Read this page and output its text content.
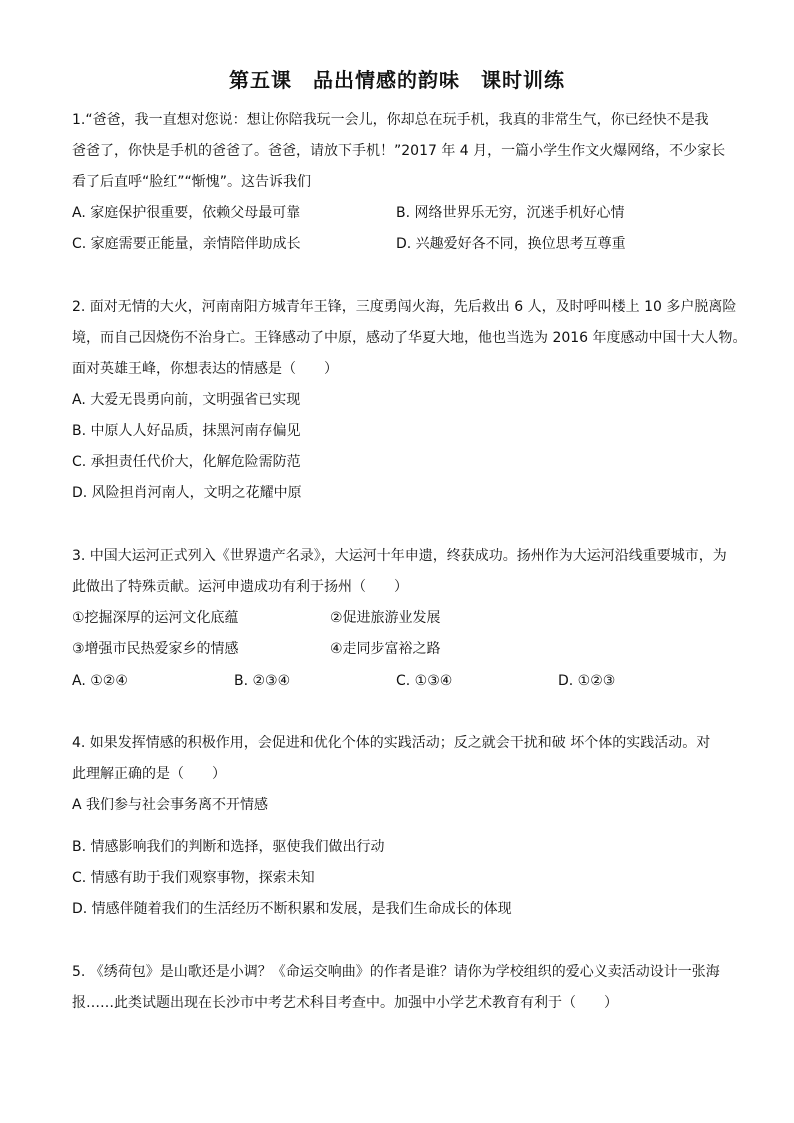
第五课　品出情感的韵味　课时训练
1.“爸爸，我一直想对您说：想让你陪我玩一会儿，你却总在玩手机，我真的非常生气，你已经快不是我
爸爸了，你快是手机的爸爸了。爸爸，请放下手机！”2017 年 4 月，一篇小学生作文火爆网络，不少家长
看了后直呼“脸红”“惭愧”。这告诉我们
A. 家庭保护很重要，依赖父母最可靠	B. 网络世界乐无穷，沉迷手机好心情
C. 家庭需要正能量，亲情陪伴助成长	D. 兴趣爱好各不同，换位思考互尊重
2. 面对无情的大火，河南南阳方城青年王锋，三度勇闯火海，先后救出 6 人，及时呼叫楼上 10 多户脱离险
境，而自己因烧伤不治身亡。王锋感动了中原，感动了华夏大地，他也当选为 2016 年度感动中国十大人物。
面对英雄王峰，你想表达的情感是（　　）
A. 大爱无畏勇向前，文明强省已实现
B. 中原人人好品质，抹黑河南存偏见
C. 承担责任代价大，化解危险需防范
D. 风险担肖河南人，文明之花耀中原
3. 中国大运河正式列入《世界遗产名录》，大运河十年申遗，终获成功。扬州作为大运河沿线重要城市，为
此做出了特殊贡献。运河申遗成功有利于扬州（　　）
①挖掘深厚的运河文化底蕴	②促进旅游业发展
③增强市民热爱家乡的情感	④走同步富裕之路
A. ①②④	B. ②③④	C. ①③④	D. ①②③
4. 如果发挥情感的积极作用，会促进和优化个体的实践活动；反之就会干扰和破 坏个体的实践活动。对
此理解正确的是（　　）
A 我们参与社会事务离不开情感
B. 情感影响我们的判断和选择，驱使我们做出行动
C. 情感有助于我们观察事物，探索未知
D. 情感伴随着我们的生活经历不断积累和发展，是我们生命成长的体现
5. 《绣荷包》是山歌还是小调？《命运交响曲》的作者是谁？请你为学校组织的爱心义卖活动设计一张海
报……此类试题出现在长沙市中考艺术科目考查中。加强中小学艺术教育有利于（　　）
